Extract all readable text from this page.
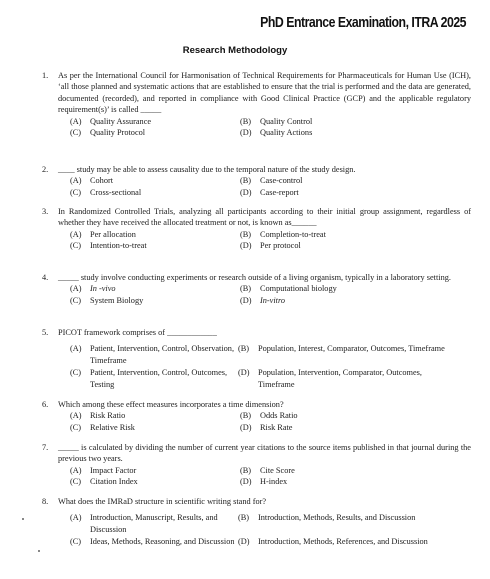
PhD Entrance Examination, ITRA 2025
Research Methodology
1. As per the International Council for Harmonisation of Technical Requirements for Pharmaceuticals for Human Use (ICH), ‘all those planned and systematic actions that are established to ensure that the trial is performed and the data are generated, documented (recorded), and reported in compliance with Good Clinical Practice (GCP) and the applicable regulatory requirement(s)’ is called _____
(A)	Quality Assurance	(B)	Quality Control
(C)	Quality Protocol	(D)	Quality Actions
2. ____ study may be able to assess causality due to the temporal nature of the study design.
(A)	Cohort	(B)	Case-control
(C)	Cross-sectional	(D)	Case-report
3. In Randomized Controlled Trials, analyzing all participants according to their initial group assignment, regardless of whether they have received the allocated treatment or not, is known as______
(A)	Per allocation	(B)	Completion-to-treat
(C)	Intention-to-treat	(D)	Per protocol
4. _____ study involve conducting experiments or research outside of a living organism, typically in a laboratory setting.
(A)	In -vivo	(B)	Computational biology
(C)	System Biology	(D)	In-vitro
5. PICOT framework comprises of ____________
(A)	Patient, Intervention, Control, Observation, Timeframe
(B)	Population, Interest, Comparator, Outcomes, Timeframe
(C)	Patient, Intervention, Control, Outcomes, Testing
(D)	Population, Intervention, Comparator, Outcomes, Timeframe
6. Which among these effect measures incorporates a time dimension?
(A)	Risk Ratio	(B)	Odds Ratio
(C)	Relative Risk	(D)	Risk Rate
7. _____ is calculated by dividing the number of current year citations to the source items published in that journal during the previous two years.
(A)	Impact Factor	(B)	Cite Score
(C)	Citation Index	(D)	H-index
8. What does the IMRaD structure in scientific writing stand for?
(A)	Introduction, Manuscript, Results, and Discussion
(B)	Introduction, Methods, Results, and Discussion
(C)	Ideas, Methods, Reasoning, and Discussion (D)	Introduction, Methods, References, and Discussion
